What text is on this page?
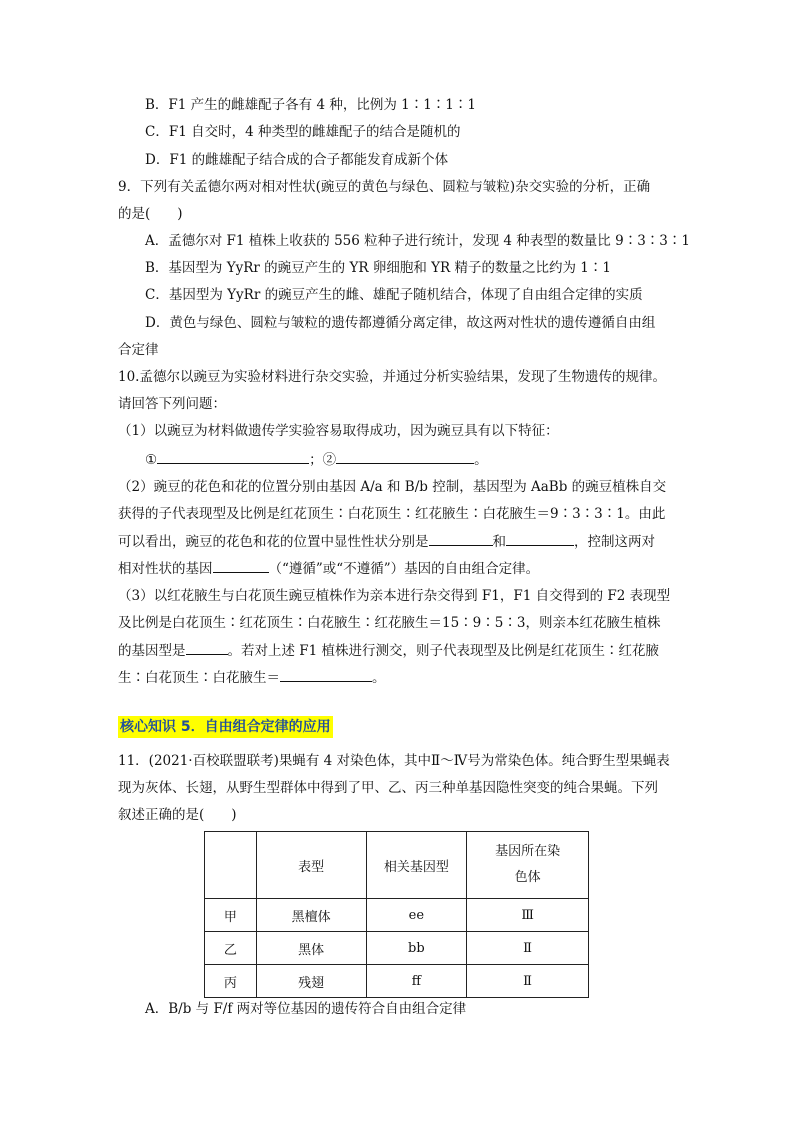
B．F1 产生的雌雄配子各有 4 种，比例为 1∶1∶1∶1
C．F1 自交时，4 种类型的雌雄配子的结合是随机的
D．F1 的雌雄配子结合成的合子都能发育成新个体
9．下列有关孟德尔两对相对性状(豌豆的黄色与绿色、圆粒与皱粒)杂交实验的分析，正确
的是(　　)
A．孟德尔对 F1 植株上收获的 556 粒种子进行统计，发现 4 种表型的数量比 9∶3∶3∶1
B．基因型为 YyRr 的豌豆产生的 YR 卵细胞和 YR 精子的数量之比约为 1∶1
C．基因型为 YyRr 的豌豆产生的雌、雄配子随机结合，体现了自由组合定律的实质
D．黄色与绿色、圆粒与皱粒的遗传都遵循分离定律，故这两对性状的遗传遵循自由组
合定律
10.孟德尔以豌豆为实验材料进行杂交实验，并通过分析实验结果，发现了生物遗传的规律。
请回答下列问题：
（1）以豌豆为材料做遗传学实验容易取得成功，因为豌豆具有以下特征：
①	；②	。
（2）豌豆的花色和花的位置分别由基因 A/a 和 B/b 控制，基因型为 AaBb 的豌豆植株自交
获得的子代表现型及比例是红花顶生∶白花顶生∶红花腋生∶白花腋生＝9∶3∶3∶1。由此
可以看出，豌豆的花色和花的位置中显性性状分别是	和	，控制这两对
相对性状的基因	（“遵循”或“不遵循”）基因的自由组合定律。
（3）以红花腋生与白花顶生豌豆植株作为亲本进行杂交得到 F1，F1 自交得到的 F2 表现型
及比例是白花顶生∶红花顶生∶白花腋生∶红花腋生＝15∶9∶5∶3，则亲本红花腋生植株
的基因型是	。若对上述 F1 植株进行测交，则子代表现型及比例是红花顶生∶红花腋
生∶白花顶生∶白花腋生＝	。
核心知识 5．自由组合定律的应用
11．(2021·百校联盟联考)果蝇有 4 对染色体，其中Ⅱ～Ⅳ号为常染色体。纯合野生型果蝇表
现为灰体、长翅，从野生型群体中得到了甲、乙、丙三种单基因隐性突变的纯合果蝇。下列
叙述正确的是(　　)
	表型	相关基因型	基因所在染色体
甲	黑檀体	ee	Ⅲ
乙	黑体	bb	Ⅱ
丙	残翅	ff	Ⅱ
A．B/b 与 F/f 两对等位基因的遗传符合自由组合定律
